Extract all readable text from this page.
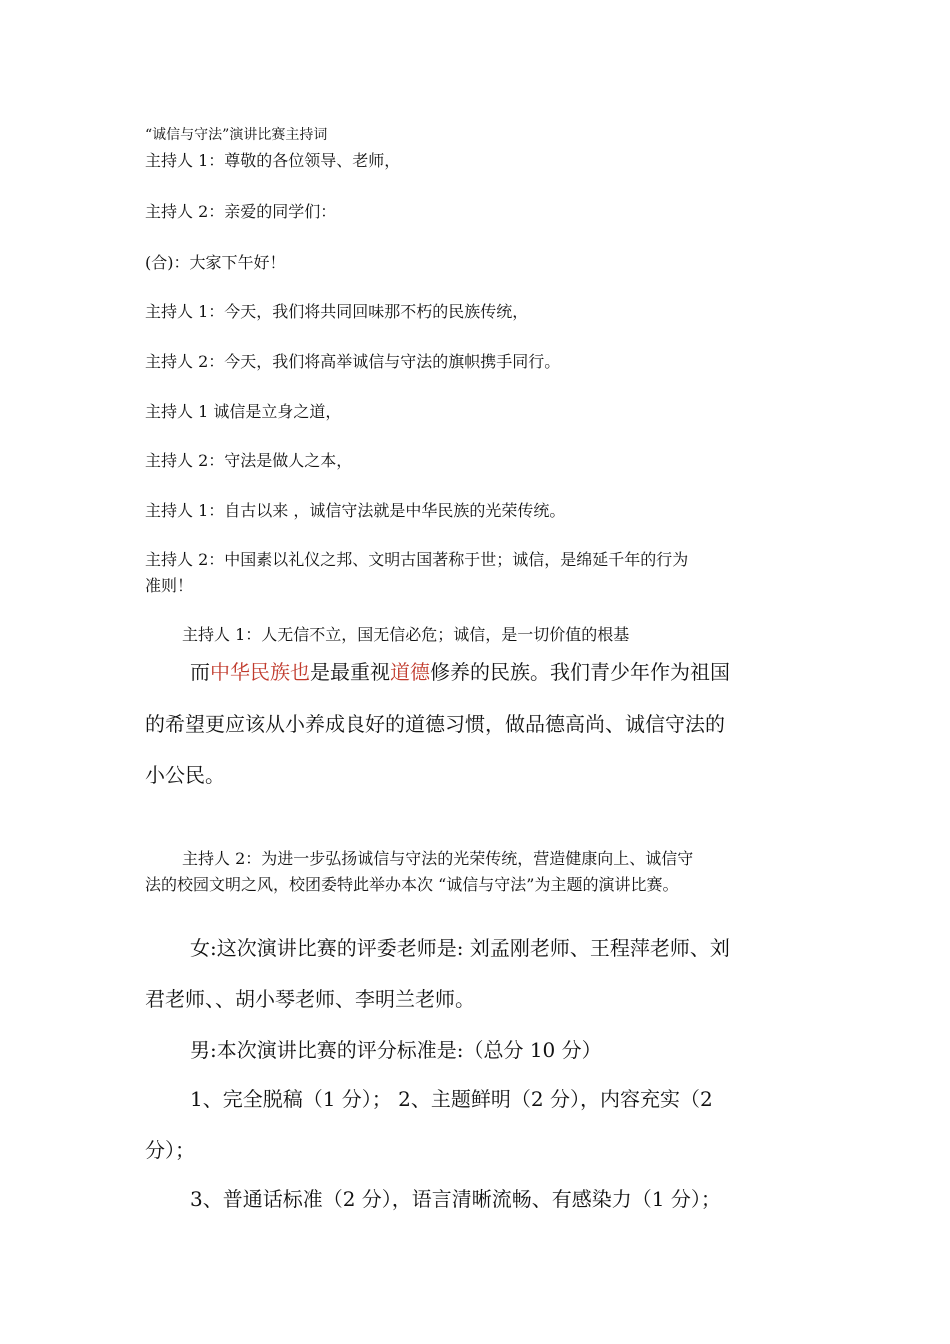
“诚信与守法”演讲比赛主持词
主持人 1：尊敬的各位领导、老师，
主持人 2：亲爱的同学们：
(合)：大家下午好！
主持人 1：今天，我们将共同回味那不朽的民族传统，
主持人 2：今天，我们将高举诚信与守法的旗帜携手同行。
主持人 1 诚信是立身之道，
主持人 2：守法是做人之本，
主持人 1：自古以来 ，诚信守法就是中华民族的光荣传统。
主持人 2：中国素以礼仪之邦、文明古国著称于世；诚信，是绵延千年的行为
准则！
主持人 1：人无信不立，国无信必危；诚信，是一切价值的根基
而中华民族也是最重视道德修养的民族。我们青少年作为祖国
的希望更应该从小养成良好的道德习惯，做品德高尚、诚信守法的
小公民。
主持人 2：为进一步弘扬诚信与守法的光荣传统，营造健康向上、诚信守
法的校园文明之风，校团委特此举办本次 “诚信与守法”为主题的演讲比赛。
女:这次演讲比赛的评委老师是: 刘孟刚老师、王程萍老师、刘
君老师、、胡小琴老师、李明兰老师。
男:本次演讲比赛的评分标准是:（总分 10 分）
1、完全脱稿（1 分）； 2、主题鲜明（2 分），内容充实（2
分）；
3、普通话标准（2 分），语言清晰流畅、有感染力（1 分）；
